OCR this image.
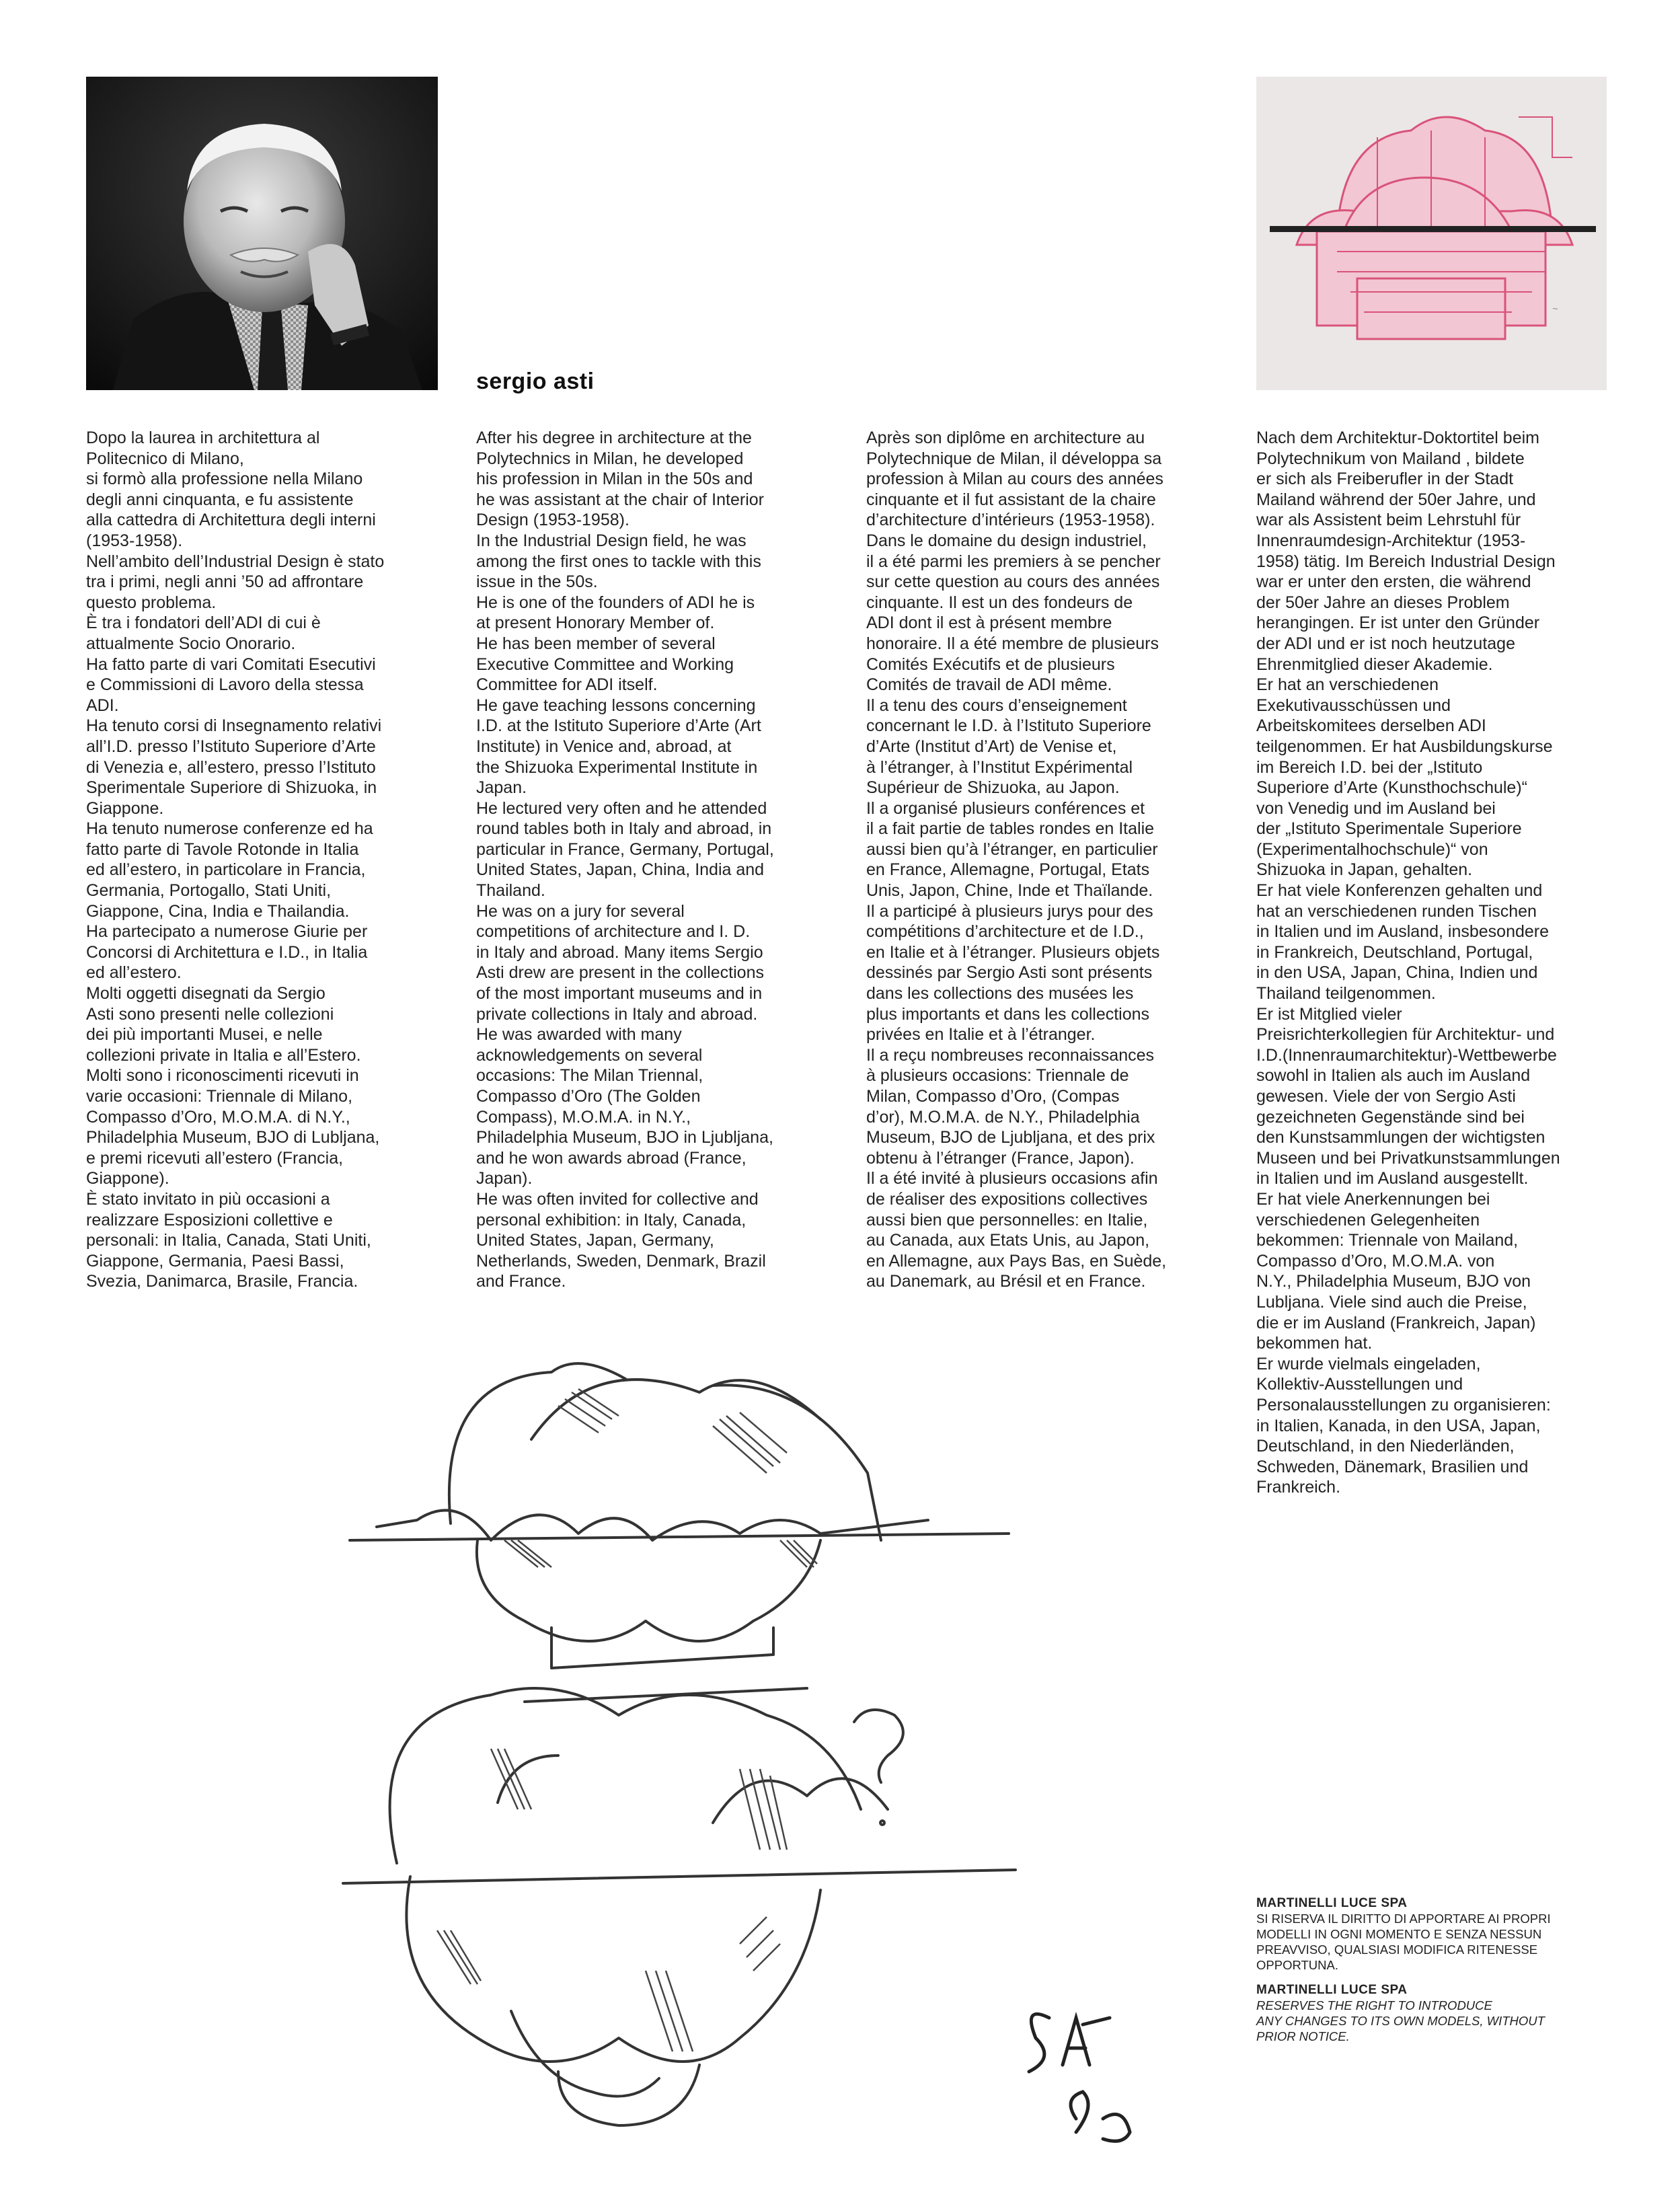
~
sergio asti

Dopo la laurea in architettura al
Politecnico di Milano,
si formò alla professione nella Milano
degli anni cinquanta, e fu assistente
alla cattedra di Architettura degli interni
(1953-1958).
Nell’ambito dell’Industrial Design è stato
tra i primi, negli anni ’50 ad affrontare
questo problema.
È tra i fondatori dell’ADI di cui è
attualmente Socio Onorario.
Ha fatto parte di vari Comitati Esecutivi
e Commissioni di Lavoro della stessa
ADI.
Ha tenuto corsi di Insegnamento relativi
all’I.D. presso l’Istituto Superiore d’Arte
di Venezia e, all’estero, presso l’Istituto
Sperimentale Superiore di Shizuoka, in
Giappone.
Ha tenuto numerose conferenze ed ha
fatto parte di Tavole Rotonde in Italia
ed all’estero, in particolare in Francia,
Germania, Portogallo, Stati Uniti,
Giappone, Cina, India e Thailandia.
Ha partecipato a numerose Giurie per
Concorsi di Architettura e I.D., in Italia
ed all’estero.
Molti oggetti disegnati da Sergio
Asti sono presenti nelle collezioni
dei più importanti Musei, e nelle
collezioni private in Italia e all’Estero.
Molti sono i riconoscimenti ricevuti in
varie occasioni: Triennale di Milano,
Compasso d’Oro, M.O.M.A. di N.Y.,
Philadelphia Museum, BJO di Lubljana,
e premi ricevuti all’estero (Francia,
Giappone).
È stato invitato in più occasioni a
realizzare Esposizioni collettive e
personali: in Italia, Canada, Stati Uniti,
Giappone, Germania, Paesi Bassi,
Svezia, Danimarca, Brasile, Francia.

After his degree in architecture at the
Polytechnics in Milan, he developed
his profession in Milan in the 50s and
he was assistant at the chair of Interior
Design (1953-1958).
In the Industrial Design field, he was
among the first ones to tackle with this
issue in the 50s.
He is one of the founders of ADI he is
at present Honorary Member of.
He has been member of several
Executive Committee and Working
Committee for ADI itself.
He gave teaching lessons concerning
I.D. at the Istituto Superiore d’Arte (Art
Institute) in Venice and, abroad, at
the Shizuoka Experimental Institute in
Japan.
He lectured very often and he attended
round tables both in Italy and abroad, in
particular in France, Germany, Portugal,
United States, Japan, China, India and
Thailand.
He was on a jury for several
competitions of architecture and I. D.
in Italy and abroad. Many items Sergio
Asti drew are present in the collections
of the most important museums and in
private collections in Italy and abroad.
He was awarded with many
acknowledgements on several
occasions: The Milan Triennal,
Compasso d’Oro (The Golden
Compass), M.O.M.A. in N.Y.,
Philadelphia Museum, BJO in Ljubljana,
and he won awards abroad (France,
Japan).
He was often invited for collective and
personal exhibition: in Italy, Canada,
United States, Japan, Germany,
Netherlands, Sweden, Denmark, Brazil
and France.

Après son diplôme en architecture au
Polytechnique de Milan, il développa sa
profession à Milan au cours des années
cinquante et il fut assistant de la chaire
d’architecture d’intérieurs (1953-1958).
Dans le domaine du design industriel,
il a été parmi les premiers à se pencher
sur cette question au cours des années
cinquante. Il est un des fondeurs de
ADI dont il est à présent membre
honoraire. Il a été membre de plusieurs
Comités Exécutifs et de plusieurs
Comités de travail de ADI même.
Il a tenu des cours d’enseignement
concernant le I.D. à l’Istituto Superiore
d’Arte (Institut d’Art) de Venise et,
à l’étranger, à l’Institut Expérimental
Supérieur de Shizuoka, au Japon.
Il a organisé plusieurs conférences et
il a fait partie de tables rondes en Italie
aussi bien qu’à l’étranger, en particulier
en France, Allemagne, Portugal, Etats
Unis, Japon, Chine, Inde et Thaïlande.
Il a participé à plusieurs jurys pour des
compétitions d’architecture et de I.D.,
en Italie et à l’étranger. Plusieurs objets
dessinés par Sergio Asti sont présents
dans les collections des musées les
plus importants et dans les collections
privées en Italie et à l’étranger.
Il a reçu nombreuses reconnaissances
à plusieurs occasions: Triennale de
Milan, Compasso d’Oro, (Compas
d’or), M.O.M.A. de N.Y., Philadelphia
Museum, BJO de Ljubljana, et des prix
obtenu à l’étranger (France, Japon).
Il a été invité à plusieurs occasions afin
de réaliser des expositions collectives
aussi bien que personnelles: en Italie,
au Canada, aux Etats Unis, au Japon,
en Allemagne, aux Pays Bas, en Suède,
au Danemark, au Brésil et en France.

Nach dem Architektur-Doktortitel beim
Polytechnikum von Mailand , bildete
er sich als Freiberufler in der Stadt
Mailand während der 50er Jahre, und
war als Assistent beim Lehrstuhl für
Innenraumdesign-Architektur (1953-
1958) tätig. Im Bereich Industrial Design
war er unter den ersten, die während
der 50er Jahre an dieses Problem
herangingen. Er ist unter den Gründer
der ADI und er ist noch heutzutage
Ehrenmitglied dieser Akademie.
Er hat an verschiedenen
Exekutivausschüssen und
Arbeitskomitees derselben ADI
teilgenommen. Er hat Ausbildungskurse
im Bereich I.D. bei der „Istituto
Superiore d’Arte (Kunsthochschule)“
von Venedig und im Ausland bei
der „Istituto Sperimentale Superiore
(Experimentalhochschule)“ von
Shizuoka in Japan, gehalten.
Er hat viele Konferenzen gehalten und
hat an verschiedenen runden Tischen
in Italien und im Ausland, insbesondere
in Frankreich, Deutschland, Portugal,
in den USA, Japan, China, Indien und
Thailand teilgenommen.
Er ist Mitglied vieler
Preisrichterkollegien für Architektur- und
I.D.(Innenraumarchitektur)-Wettbewerbe
sowohl in Italien als auch im Ausland
gewesen. Viele der von Sergio Asti
gezeichneten Gegenstände sind bei
den Kunstsammlungen der wichtigsten
Museen und bei Privatkunstsammlungen
in Italien und im Ausland ausgestellt.
Er hat viele Anerkennungen bei
verschiedenen Gelegenheiten
bekommen: Triennale von Mailand,
Compasso d’Oro, M.O.M.A. von
N.Y., Philadelphia Museum, BJO von
Lubljana. Viele sind auch die Preise,
die er im Ausland (Frankreich, Japan)
bekommen hat.
Er wurde vielmals eingeladen,
Kollektiv-Ausstellungen und
Personalausstellungen zu organisieren:
in Italien, Kanada, in den USA, Japan,
Deutschland, in den Niederländen,
Schweden, Dänemark, Brasilien und
Frankreich.

SA 65
MARTINELLI LUCE SPA
SI RISERVA IL DIRITTO DI APPORTARE AI PROPRI
MODELLI IN OGNI MOMENTO E SENZA NESSUN
PREAVVISO, QUALSIASI MODIFICA RITENESSE
OPPORTUNA.
MARTINELLI LUCE SPA
RESERVES THE RIGHT TO INTRODUCE
ANY CHANGES TO ITS OWN MODELS, WITHOUT
PRIOR NOTICE.
